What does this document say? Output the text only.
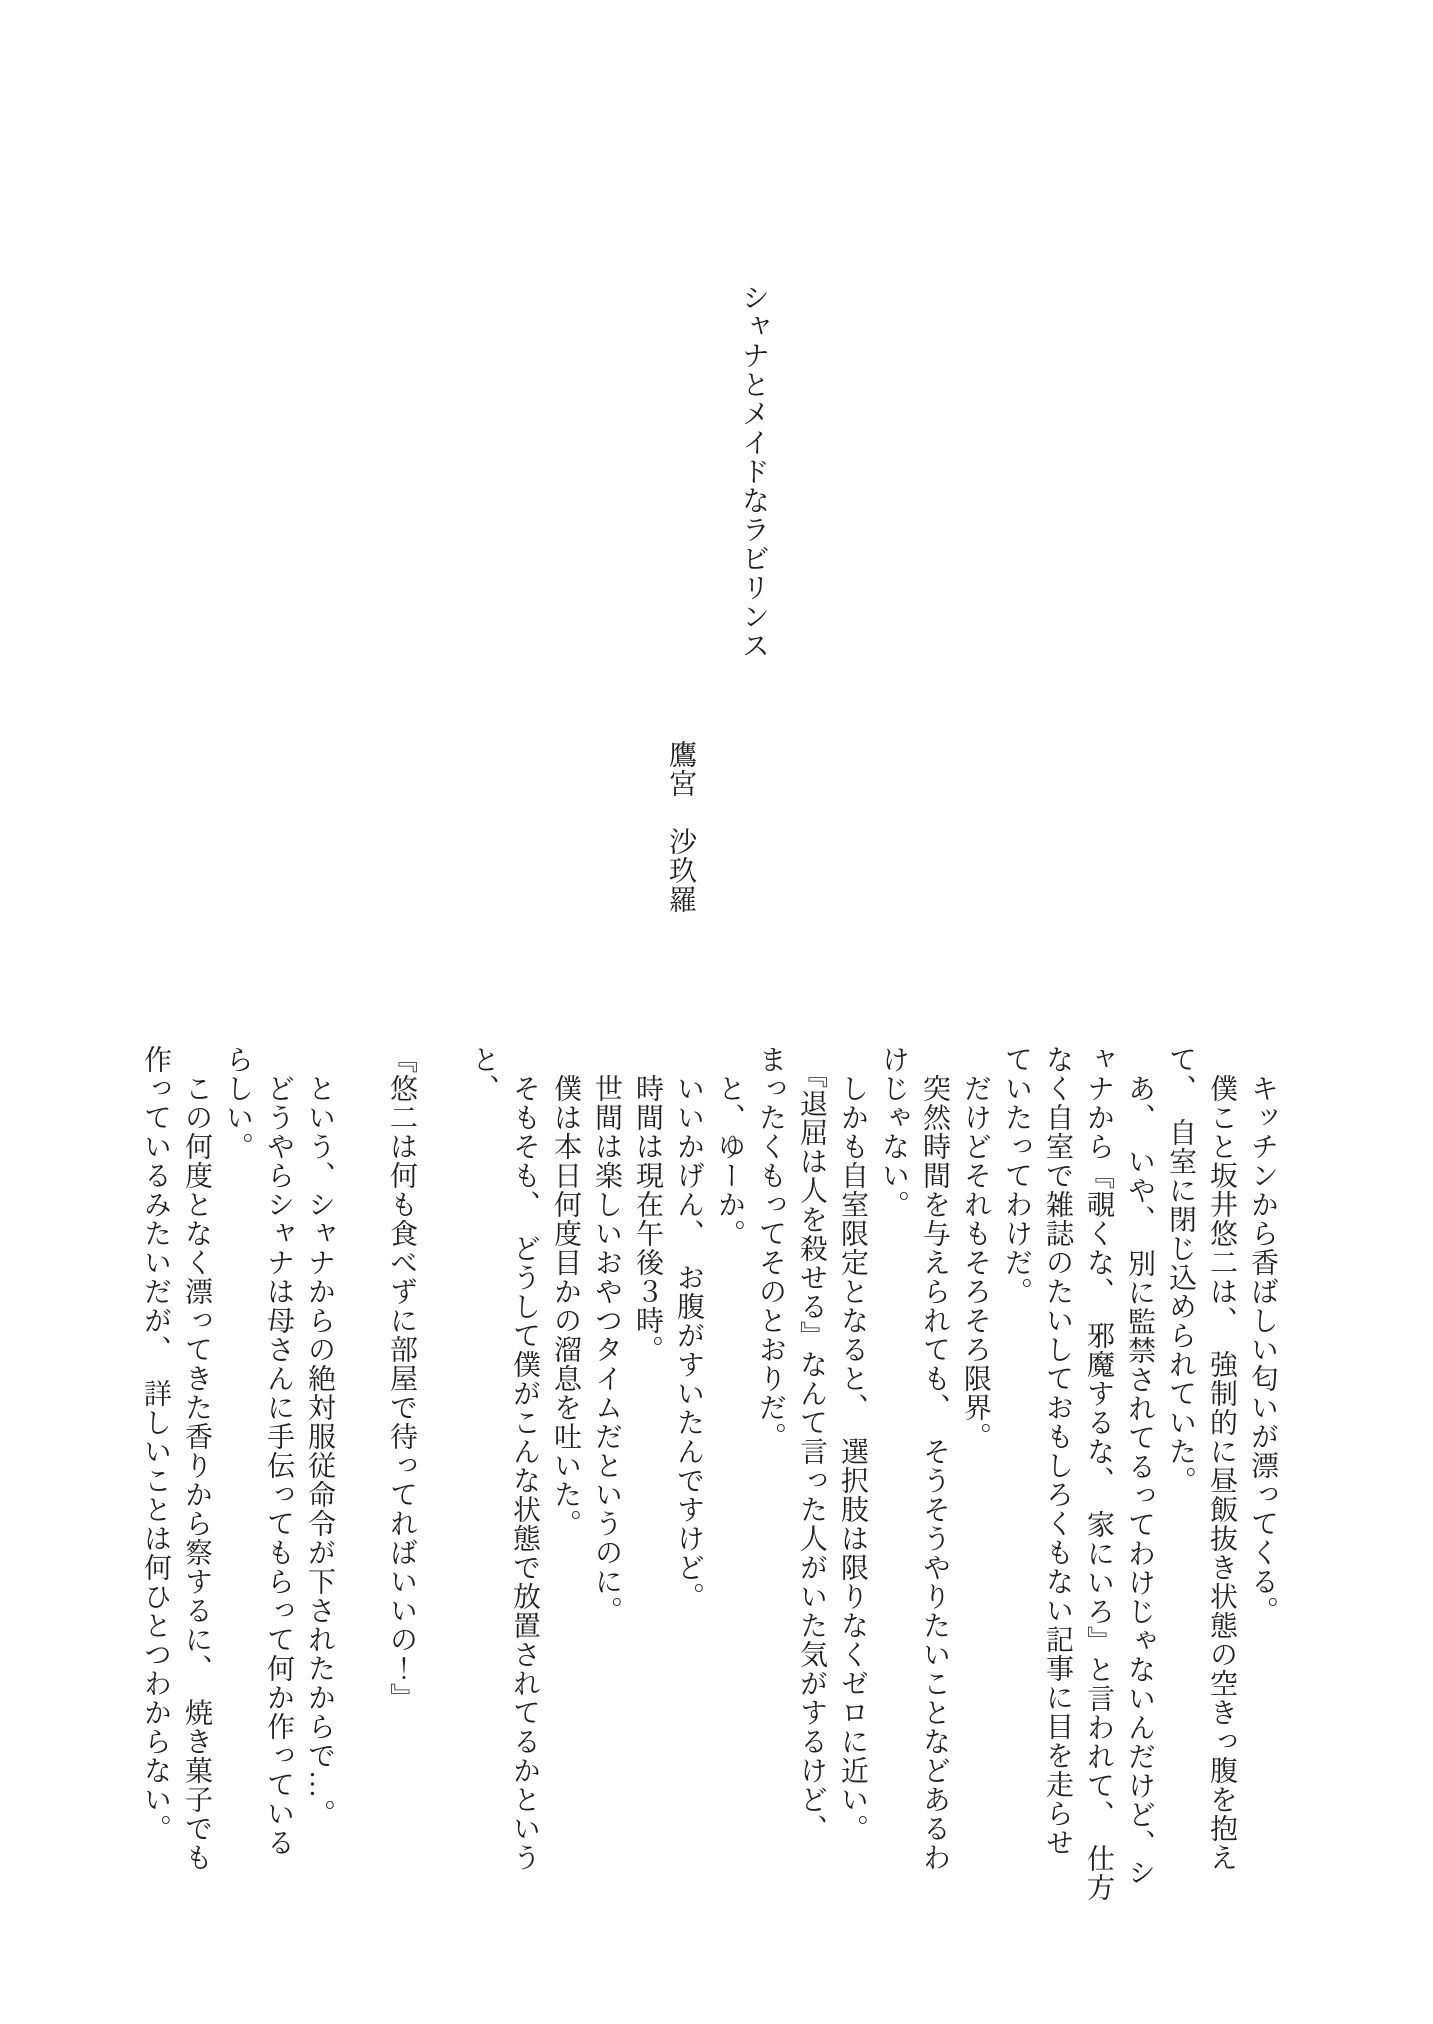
シャナとメイドなラビリンス

鷹宮　沙玖羅

　キッチンから香ばしい匂いが漂ってくる。

　僕こと坂井悠二は、　強制的に昼飯抜き状態の空きっ腹を抱え

て、　自室に閉じ込められていた。

　あ、　いや、　別に監禁されてるってわけじゃないんだけど、シ

ャナから『覗くな、　邪魔するな、　家にいろ』と言われて、　仕方

なく自室で雑誌のたいしておもしろくもない記事に目を走らせ

ていたってわけだ。

　だけどそれもそろそろ限界。

　突然時間を与えられても、　そうそうやりたいことなどあるわ

けじゃない。

　しかも自室限定となると、　選択肢は限りなくゼロに近い。

　『退屈は人を殺せる』なんて言った人がいた気がするけど、

まったくもってそのとおりだ。

　と、ゆーか。

　いいかげん、　お腹がすいたんですけど。

　時間は現在午後３時。

　世間は楽しいおやつタイムだというのに。

　僕は本日何度目かの溜息を吐いた。

　そもそも、　どうして僕がこんな状態で放置されてるかという

と、

『悠二は何も食べずに部屋で待ってればいいの！』

　という、シャナからの絶対服従命令が下されたからで…。

　どうやらシャナは母さんに手伝ってもらって何か作っている

らしい。

　この何度となく漂ってきた香りから察するに、　焼き菓子でも

作っているみたいだが、　詳しいことは何ひとつわからない。
